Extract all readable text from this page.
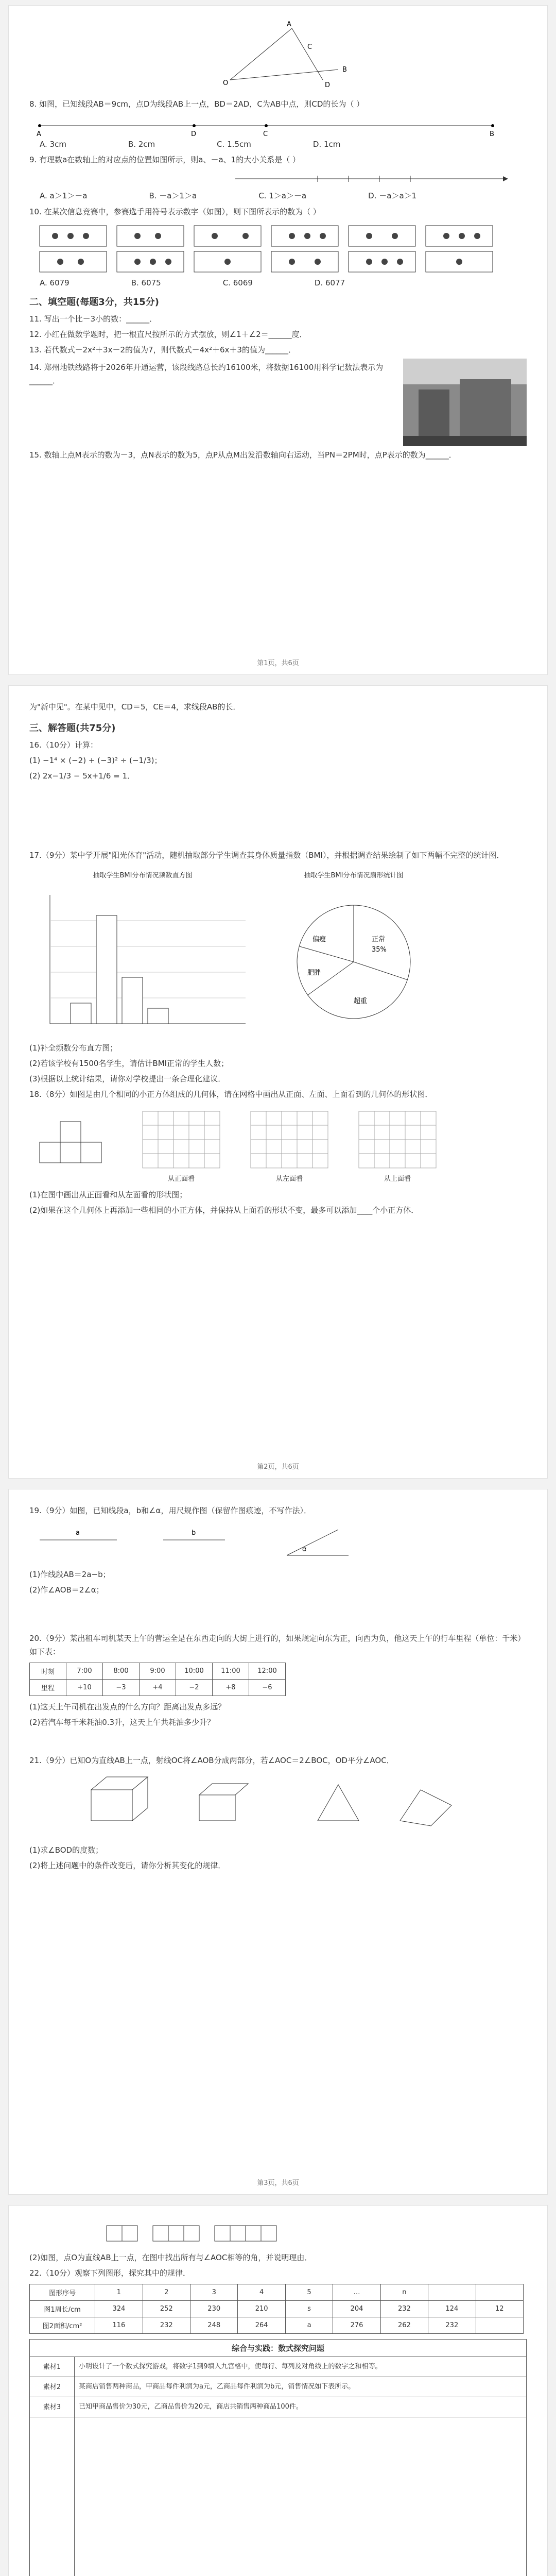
A
B
O	D
C
8. 如图，已知线段AB＝9cm，点D为线段AB上一点，BD＝2AD，C为AB中点，则CD的长为（ ）
A	D	C	B
A. 3cm	B. 2cm	C. 1.5cm	D. 1cm
9. 有理数a在数轴上的对应点的位置如图所示，则a、－a、1的大小关系是（ ）
A. a＞1＞－a	B. －a＞1＞a	C. 1＞a＞－a	D. －a＞a＞1
10. 在某次信息竞赛中，参赛选手用符号表示数字（如图），则下图所表示的数为（ ）
A. 6079	B. 6075	C. 6069	D. 6077
二、填空题(每题3分，共15分)
11. 写出一个比－3小的数：______．
12. 小红在做数学题时，把一根直尺按所示的方式摆放，则∠1＋∠2＝______度．
13. 若代数式－2x²＋3x－2的值为7，则代数式－4x²＋6x＋3的值为______．
14. 郑州地铁线路将于2026年开通运营，该段线路总长约16100米，将数据16100用科学记数法表示为______．
15. 数轴上点M表示的数为－3，点N表示的数为5，点P从点M出发沿数轴向右运动，当PN＝2PM时，点P表示的数为______．
第1页，共6页
为"新中见"。在某中见中，CD＝5，CE＝4，求线段AB的长．
三、解答题(共75分)
16.（10分）计算：
(1) −1⁴ × (−2) + (−3)² ÷ (−1/3)；
(2) 2x−1/3 − 5x+1/6 = 1．
17.（9分）某中学开展"阳光体育"活动，随机抽取部分学生调查其身体质量指数（BMI），并根据调查结果绘制了如下两幅不完整的统计图．
抽取学生BMI分布情况频数直方图	抽取学生BMI分布情况扇形统计图
偏瘦	正常
超重
肥胖
35%
(1)补全频数分布直方图；
(2)若该学校有1500名学生，请估计BMI正常的学生人数；
(3)根据以上统计结果，请你对学校提出一条合理化建议．
18.（8分）如图是由几个相同的小正方体组成的几何体，请在网格中画出从正面、左面、上面看到的几何体的形状图．
从正面看	从左面看	从上面看
(1)在图中画出从正面看和从左面看的形状图；
(2)如果在这个几何体上再添加一些相同的小正方体，并保持从上面看的形状不变，最多可以添加____个小正方体．
第2页，共6页
19.（9分）如图，已知线段a，b和∠α，用尺规作图（保留作图痕迹，不写作法）．
a	b
α
(1)作线段AB＝2a−b；
(2)作∠AOB＝2∠α；
20.（9分）某出租车司机某天上午的营运全是在东西走向的大街上进行的，如果规定向东为正，向西为负，他这天上午的行车里程（单位：千米）如下表：
时刻	7:00	8:00	9:00	10:00	11:00	12:00
里程	+10	−3	+4	−2	+8	−6
(1)这天上午司机在出发点的什么方向？距离出发点多远？
(2)若汽车每千米耗油0.3升，这天上午共耗油多少升？
21.（9分）已知O为直线AB上一点，射线OC将∠AOB分成两部分，若∠AOC＝2∠BOC，OD平分∠AOC．
(1)求∠BOD的度数；
(2)将上述问题中的条件改变后，请你分析其变化的规律．
第3页，共6页
(2)如图，点O为直线AB上一点，在图中找出所有与∠AOC相等的角，并说明理由．
22.（10分）观察下列图形，探究其中的规律．
图形序号	1	2	3	4	5	…	n		
图1周长/cm	324	252	230	210	s	204	232	124	12
图2面积/cm²	116	232	248	264	a	276	262	232	
综合与实践：数式探究问题
素材1	小明设计了一个数式探究游戏，将数字1到9填入九宫格中，使每行、每列及对角线上的数字之和相等。
素材2	某商店销售两种商品，甲商品每件利润为a元，乙商品每件利润为b元，销售情况如下表所示。
素材3	已知甲商品售价为30元，乙商品售价为20元，商店共销售两种商品100件。
